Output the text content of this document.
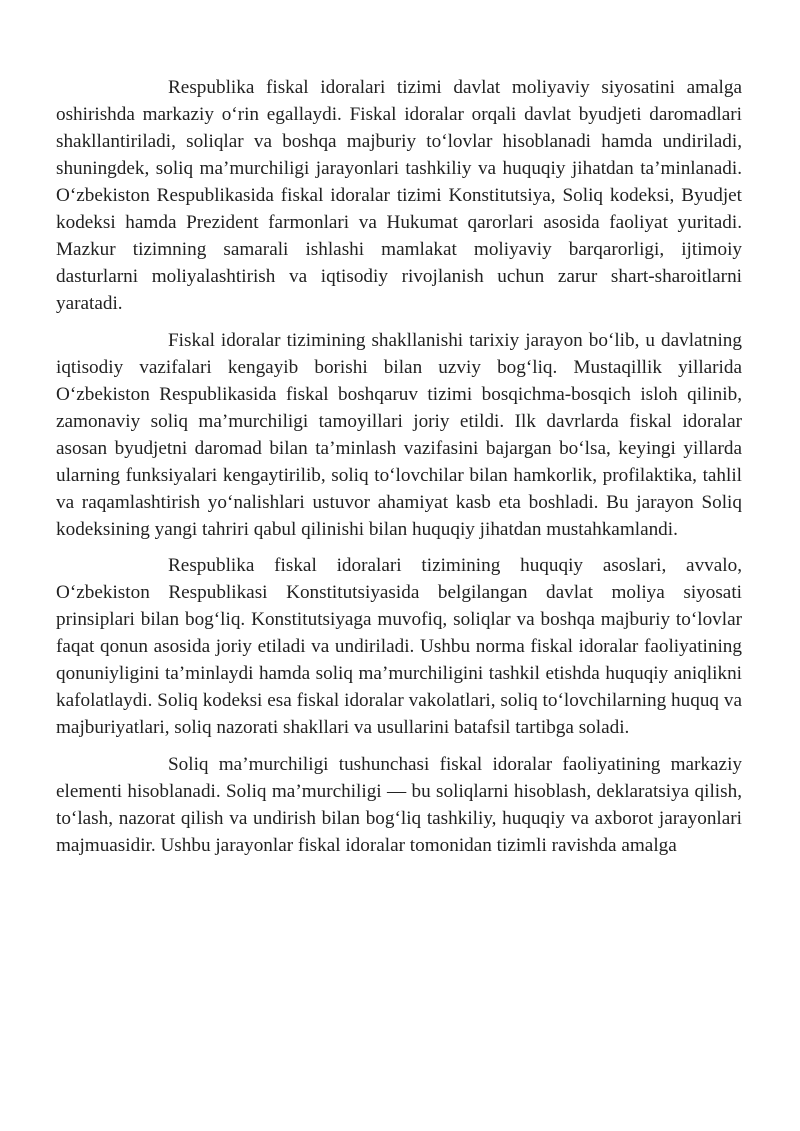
Respublika fiskal idoralari tizimi davlat moliyaviy siyosatini amalga oshirishda markaziy o‘rin egallaydi. Fiskal idoralar orqali davlat byudjeti daromadlari shakllantiriladi, soliqlar va boshqa majburiy to‘lovlar hisoblanadi hamda undiriladi, shuningdek, soliq ma’murchiligi jarayonlari tashkiliy va huquqiy jihatdan ta’minlanadi. O‘zbekiston Respublikasida fiskal idoralar tizimi Konstitutsiya, Soliq kodeksi, Byudjet kodeksi hamda Prezident farmonlari va Hukumat qarorlari asosida faoliyat yuritadi. Mazkur tizimning samarali ishlashi mamlakat moliyaviy barqarorligi, ijtimoiy dasturlarni moliyalashtirish va iqtisodiy rivojlanish uchun zarur shart-sharoitlarni yaratadi.

Fiskal idoralar tizimining shakllanishi tarixiy jarayon bo‘lib, u davlatning iqtisodiy vazifalari kengayib borishi bilan uzviy bog‘liq. Mustaqillik yillarida O‘zbekiston Respublikasida fiskal boshqaruv tizimi bosqichma-bosqich isloh qilinib, zamonaviy soliq ma’murchiligi tamoyillari joriy etildi. Ilk davrlarda fiskal idoralar asosan byudjetni daromad bilan ta’minlash vazifasini bajargan bo‘lsa, keyingi yillarda ularning funksiyalari kengaytirilib, soliq to‘lovchilar bilan hamkorlik, profilaktika, tahlil va raqamlashtirish yo‘nalishlari ustuvor ahamiyat kasb eta boshladi. Bu jarayon Soliq kodeksining yangi tahriri qabul qilinishi bilan huquqiy jihatdan mustahkamlandi.

Respublika fiskal idoralari tizimining huquqiy asoslari, avvalo, O‘zbekiston Respublikasi Konstitutsiyasida belgilangan davlat moliya siyosati prinsiplari bilan bog‘liq. Konstitutsiyaga muvofiq, soliqlar va boshqa majburiy to‘lovlar faqat qonun asosida joriy etiladi va undiriladi. Ushbu norma fiskal idoralar faoliyatining qonuniyligini ta’minlaydi hamda soliq ma’murchiligini tashkil etishda huquqiy aniqlikni kafolatlaydi. Soliq kodeksi esa fiskal idoralar vakolatlari, soliq to‘lovchilarning huquq va majburiyatlari, soliq nazorati shakllari va usullarini batafsil tartibga soladi.

Soliq ma’murchiligi tushunchasi fiskal idoralar faoliyatining markaziy elementi hisoblanadi. Soliq ma’murchiligi — bu soliqlarni hisoblash, deklaratsiya qilish, to‘lash, nazorat qilish va undirish bilan bog‘liq tashkiliy, huquqiy va axborot jarayonlari majmuasidir. Ushbu jarayonlar fiskal idoralar tomonidan tizimli ravishda amalga
